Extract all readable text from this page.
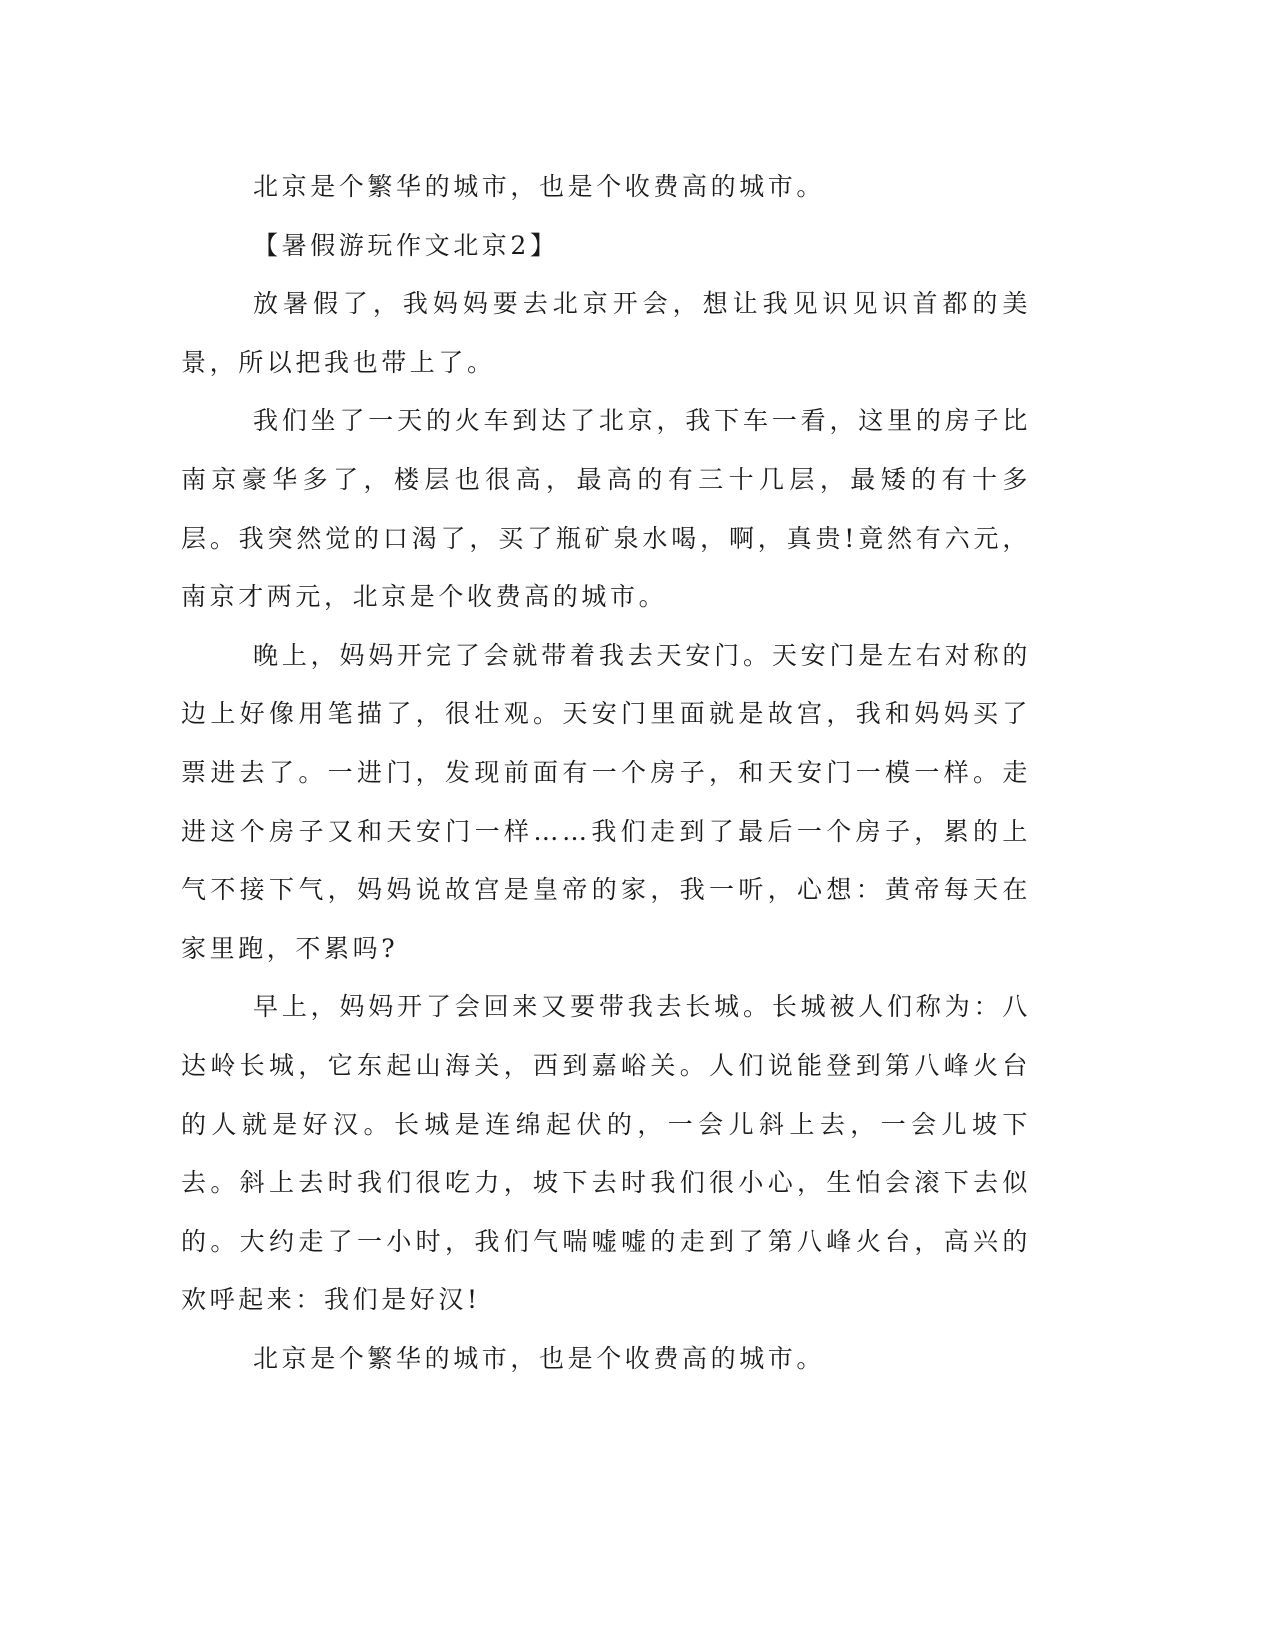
北京是个繁华的城市，也是个收费高的城市。

【暑假游玩作文北京2】

放暑假了，我妈妈要去北京开会，想让我见识见识首都的美景，所以把我也带上了。

我们坐了一天的火车到达了北京，我下车一看，这里的房子比南京豪华多了，楼层也很高，最高的有三十几层，最矮的有十多层。我突然觉的口渴了，买了瓶矿泉水喝，啊，真贵!竟然有六元，南京才两元，北京是个收费高的城市。

晚上，妈妈开完了会就带着我去天安门。天安门是左右对称的边上好像用笔描了，很壮观。天安门里面就是故宫，我和妈妈买了票进去了。一进门，发现前面有一个房子，和天安门一模一样。走进这个房子又和天安门一样……我们走到了最后一个房子，累的上气不接下气，妈妈说故宫是皇帝的家，我一听，心想：黄帝每天在家里跑，不累吗?

早上，妈妈开了会回来又要带我去长城。长城被人们称为：八达岭长城，它东起山海关，西到嘉峪关。人们说能登到第八峰火台的人就是好汉。长城是连绵起伏的，一会儿斜上去，一会儿坡下去。斜上去时我们很吃力，坡下去时我们很小心，生怕会滚下去似的。大约走了一小时，我们气喘嘘嘘的走到了第八峰火台，高兴的欢呼起来：我们是好汉!

北京是个繁华的城市，也是个收费高的城市。
